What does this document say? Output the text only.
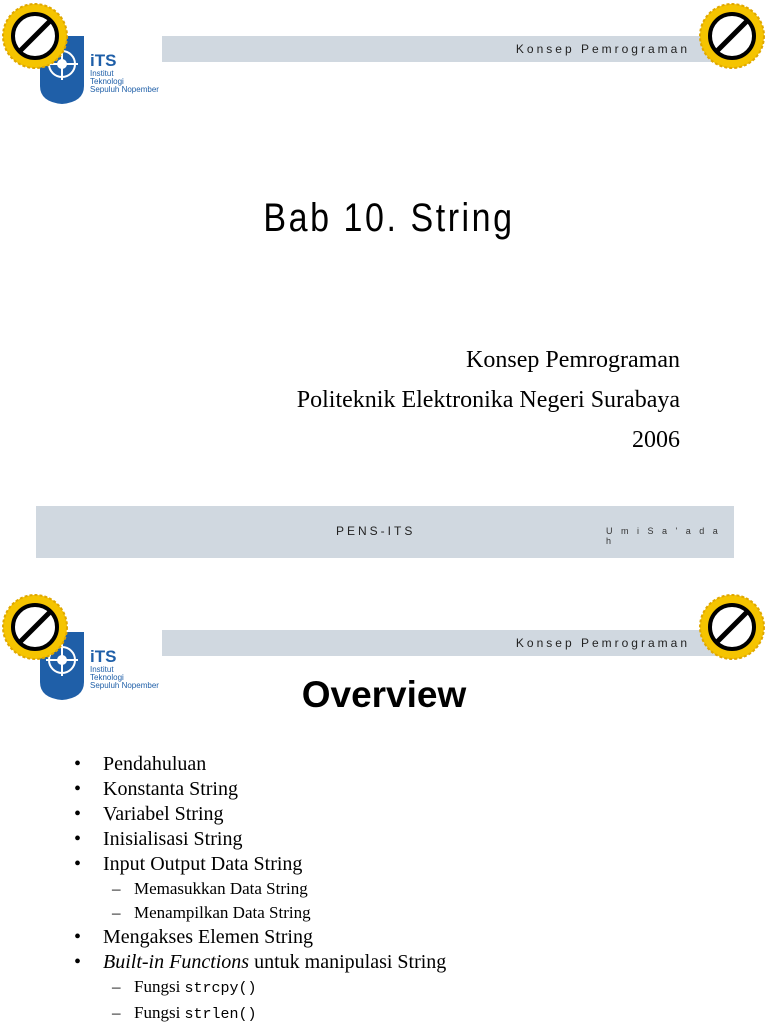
Konsep Pemrograman
iTS
Institut
Teknologi
Sepuluh Nopember
Bab 10. String
Konsep Pemrograman
Politeknik Elektronika Negeri Surabaya
2006
PENS-ITS	U m i S a ' a d a h
Konsep Pemrograman
iTS
Institut
Teknologi
Sepuluh Nopember	Overview
• Pendahuluan
• Konstanta String
• Variabel String
• Inisialisasi String
• Input Output Data String
– Memasukkan Data String
– Menampilkan Data String
• Mengakses Elemen String
• Built-in Functions untuk manipulasi String
– Fungsi strcpy()
– Fungsi strlen()
